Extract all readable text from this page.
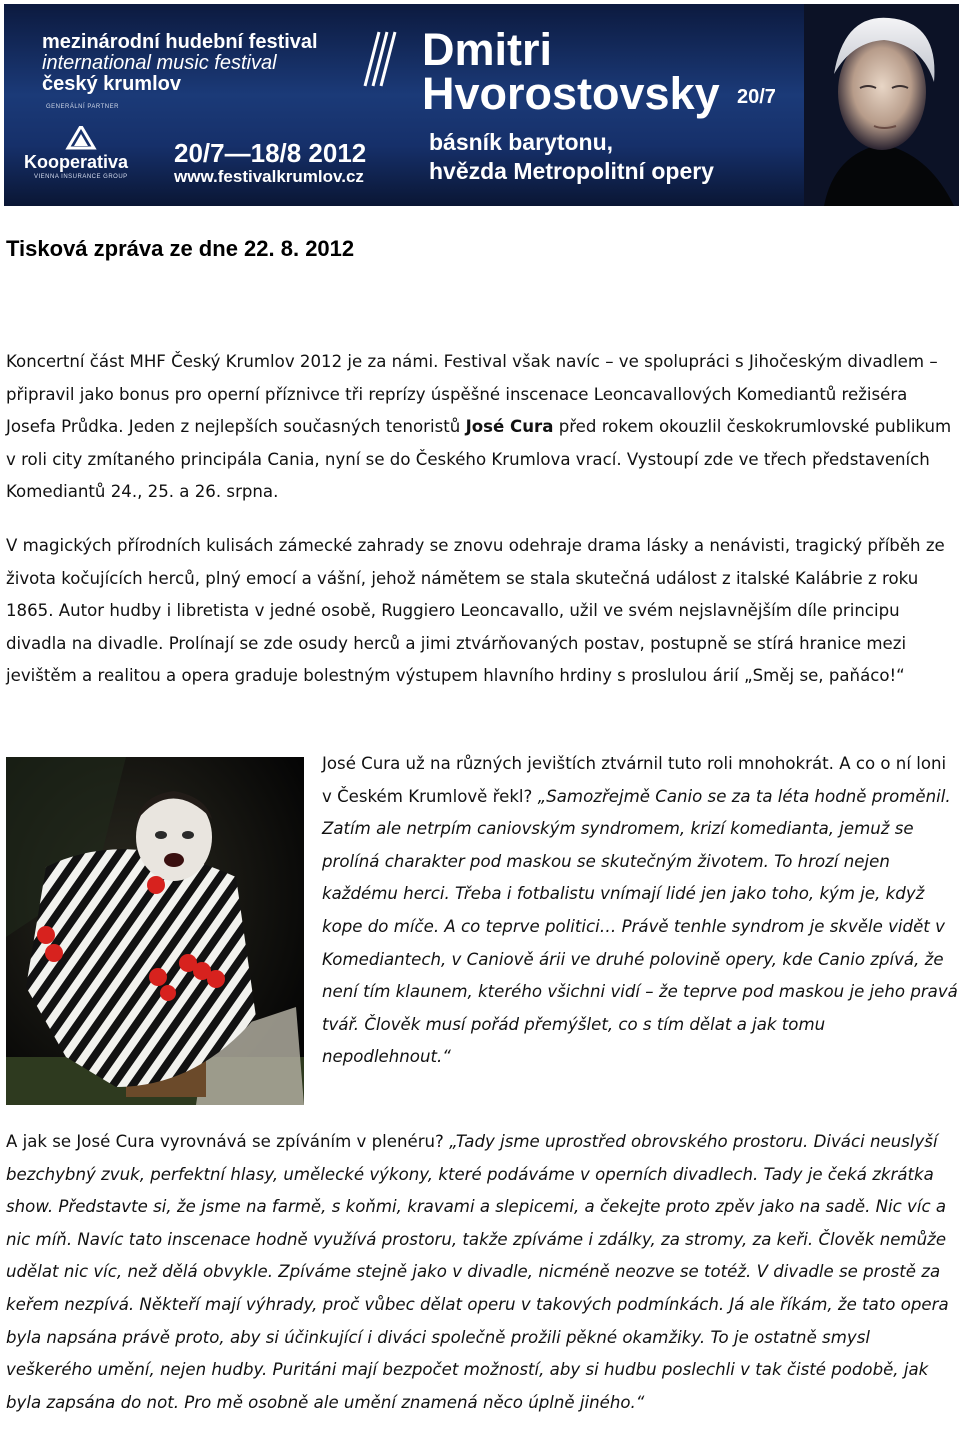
mezinárodní hudební festival
international music festival
český krumlov
Dmitri
Hvorostovsky 20/7
GENERÁLNÍ PARTNER
Kooperativa
VIENNA INSURANCE GROUP
20/7—18/8 2012
www.festivalkrumlov.cz
básník barytonu,
hvězda Metropolitní opery
Tisková zpráva ze dne 22. 8. 2012

Koncertní část MHF Český Krumlov 2012 je za námi. Festival však navíc – ve spolupráci s Jihočeským divadlem – připravil jako bonus pro operní příznivce tři reprízy úspěšné inscenace Leoncavallových Komediantů režiséra Josefa Průdka. Jeden z nejlepších současných tenoristů José Cura před rokem okouzlil českokrumlovské publikum v roli city zmítaného principála Cania, nyní se do Českého Krumlova vrací. Vystoupí zde ve třech představeních Komediantů 24., 25. a 26. srpna.

V magických přírodních kulisách zámecké zahrady se znovu odehraje drama lásky a nenávisti, tragický příběh ze života kočujících herců, plný emocí a vášní, jehož námětem se stala skutečná událost z italské Kalábrie z roku 1865. Autor hudby i libretista v jedné osobě, Ruggiero Leoncavallo, užil ve svém nejslavnějším díle principu divadla na divadle. Prolínají se zde osudy herců a jimi ztvárňovaných postav, postupně se stírá hranice mezi jevištěm a realitou a opera graduje bolestným výstupem hlavního hrdiny s proslulou árií „Směj se, paňáco!“

José Cura už na různých jevištích ztvárnil tuto roli mnohokrát. A co o ní loni v Českém Krumlově řekl? „Samozřejmě Canio se za ta léta hodně proměnil. Zatím ale netrpím caniovským syndromem, krizí komedianta, jemuž se prolíná charakter pod maskou se skutečným životem. To hrozí nejen každému herci. Třeba i fotbalistu vnímají lidé jen jako toho, kým je, když kope do míče. A co teprve politici… Právě tenhle syndrom je skvěle vidět v Komediantech, v Caniově árii ve druhé polovině opery, kde Canio zpívá, že není tím klaunem, kterého všichni vidí – že teprve pod maskou je jeho pravá tvář. Člověk musí pořád přemýšlet, co s tím dělat a jak tomu nepodlehnout.“

A jak se José Cura vyrovnává se zpíváním v plenéru? „Tady jsme uprostřed obrovského prostoru. Diváci neuslyší bezchybný zvuk, perfektní hlasy, umělecké výkony, které podáváme v operních divadlech. Tady je čeká zkrátka show. Představte si, že jsme na farmě, s koňmi, kravami a slepicemi, a čekejte proto zpěv jako na sadě. Nic víc a nic míň. Navíc tato inscenace hodně využívá prostoru, takže zpíváme i zdálky, za stromy, za keři. Člověk nemůže udělat nic víc, než dělá obvykle. Zpíváme stejně jako v divadle, nicméně neozve se totéž. V divadle se prostě za keřem nezpívá. Někteří mají výhrady, proč vůbec dělat operu v takových podmínkách. Já ale říkám, že tato opera byla napsána právě proto, aby si účinkující i diváci společně prožili pěkné okamžiky. To je ostatně smysl veškerého umění, nejen hudby. Puritáni mají bezpočet možností, aby si hudbu poslechli v tak čisté podobě, jak byla zapsána do not. Pro mě osobně ale umění znamená něco úplně jiného.“
